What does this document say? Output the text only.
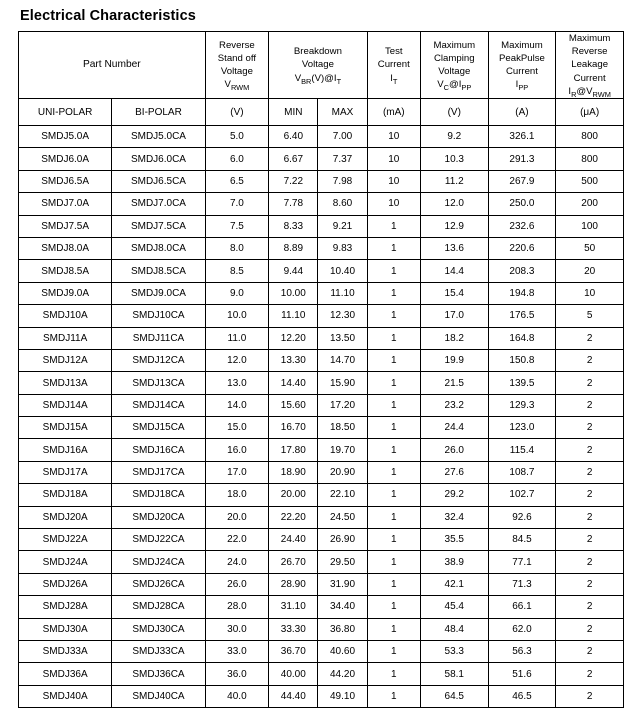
Electrical Characteristics
Part Number	
Reverse
Stand off
Voltage
$V_{RWM}$

Breakdown
Voltage
$V_{BR}(V)@I_T$

Test
Current
$I_T$

Maximum
Clamping
Voltage
$V_C@I_{PP}$

Maximum
PeakPulse
Current
$I_{PP}$

Maximum
Reverse
Leakage
Current
$I_R@V_{RWM}$

UNI-POLAR	BI-POLAR	(V)	MIN	MAX	(mA)	(V)	(A)	(μA)
SMDJ5.0A	SMDJ5.0CA	5.0	6.40	7.00	10	9.2	326.1	800
SMDJ6.0A	SMDJ6.0CA	6.0	6.67	7.37	10	10.3	291.3	800
SMDJ6.5A	SMDJ6.5CA	6.5	7.22	7.98	10	11.2	267.9	500
SMDJ7.0A	SMDJ7.0CA	7.0	7.78	8.60	10	12.0	250.0	200
SMDJ7.5A	SMDJ7.5CA	7.5	8.33	9.21	1	12.9	232.6	100
SMDJ8.0A	SMDJ8.0CA	8.0	8.89	9.83	1	13.6	220.6	50
SMDJ8.5A	SMDJ8.5CA	8.5	9.44	10.40	1	14.4	208.3	20
SMDJ9.0A	SMDJ9.0CA	9.0	10.00	11.10	1	15.4	194.8	10
SMDJ10A	SMDJ10CA	10.0	11.10	12.30	1	17.0	176.5	5
SMDJ11A	SMDJ11CA	11.0	12.20	13.50	1	18.2	164.8	2
SMDJ12A	SMDJ12CA	12.0	13.30	14.70	1	19.9	150.8	2
SMDJ13A	SMDJ13CA	13.0	14.40	15.90	1	21.5	139.5	2
SMDJ14A	SMDJ14CA	14.0	15.60	17.20	1	23.2	129.3	2
SMDJ15A	SMDJ15CA	15.0	16.70	18.50	1	24.4	123.0	2
SMDJ16A	SMDJ16CA	16.0	17.80	19.70	1	26.0	115.4	2
SMDJ17A	SMDJ17CA	17.0	18.90	20.90	1	27.6	108.7	2
SMDJ18A	SMDJ18CA	18.0	20.00	22.10	1	29.2	102.7	2
SMDJ20A	SMDJ20CA	20.0	22.20	24.50	1	32.4	92.6	2
SMDJ22A	SMDJ22CA	22.0	24.40	26.90	1	35.5	84.5	2
SMDJ24A	SMDJ24CA	24.0	26.70	29.50	1	38.9	77.1	2
SMDJ26A	SMDJ26CA	26.0	28.90	31.90	1	42.1	71.3	2
SMDJ28A	SMDJ28CA	28.0	31.10	34.40	1	45.4	66.1	2
SMDJ30A	SMDJ30CA	30.0	33.30	36.80	1	48.4	62.0	2
SMDJ33A	SMDJ33CA	33.0	36.70	40.60	1	53.3	56.3	2
SMDJ36A	SMDJ36CA	36.0	40.00	44.20	1	58.1	51.6	2
SMDJ40A	SMDJ40CA	40.0	44.40	49.10	1	64.5	46.5	2
